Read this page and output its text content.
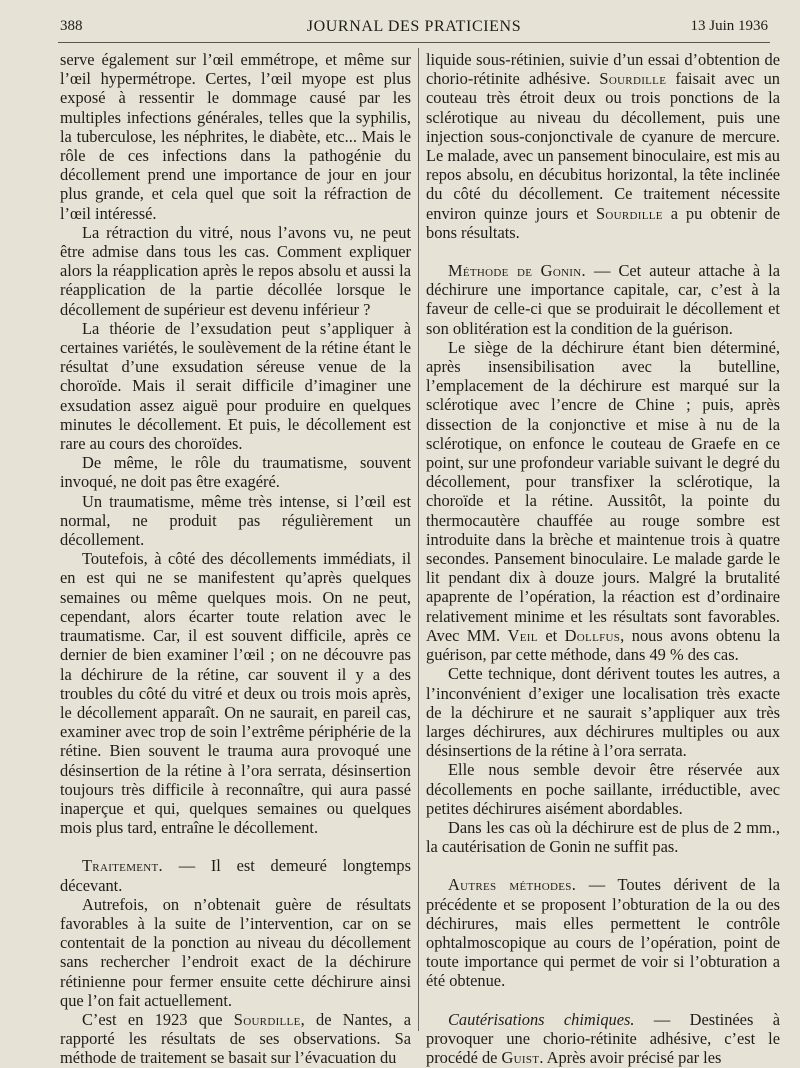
388	JOURNAL DES PRATICIENS	13 Juin 1936

serve également sur l’œil emmétrope, et même sur l’œil hypermétrope. Certes, l’œil myope est plus exposé à ressentir le dommage causé par les multiples infections générales, telles que la syphilis, la tuberculose, les néphrites, le diabète, etc... Mais le rôle de ces infections dans la pathogénie du décollement prend une importance de jour en jour plus grande, et cela quel que soit la réfraction de l’œil intéressé.

La rétraction du vitré, nous l’avons vu, ne peut être admise dans tous les cas. Comment expliquer alors la réapplication après le repos absolu et aussi la réapplication de la partie décollée lorsque le décollement de supérieur est devenu inférieur ?

La théorie de l’exsudation peut s’appliquer à certaines variétés, le soulèvement de la rétine étant le résultat d’une exsudation séreuse venue de la choroïde. Mais il serait difficile d’imaginer une exsudation assez aiguë pour produire en quelques minutes le décollement. Et puis, le décollement est rare au cours des choroïdes.

De même, le rôle du traumatisme, souvent invoqué, ne doit pas être exagéré.

Un traumatisme, même très intense, si l’œil est normal, ne produit pas régulièrement un décollement.

Toutefois, à côté des décollements immédiats, il en est qui ne se manifestent qu’après quelques semaines ou même quelques mois. On ne peut, cependant, alors écarter toute relation avec le traumatisme. Car, il est souvent difficile, après ce dernier de bien examiner l’œil ; on ne découvre pas la déchirure de la rétine, car souvent il y a des troubles du côté du vitré et deux ou trois mois après, le décollement apparaît. On ne saurait, en pareil cas, examiner avec trop de soin l’extrême périphérie de la rétine. Bien souvent le trauma aura provoqué une désinsertion de la rétine à l’ora serrata, désinsertion toujours très difficile à reconnaître, qui aura passé inaperçue et qui, quelques semaines ou quelques mois plus tard, entraîne le décollement.

Traitement. — Il est demeuré longtemps décevant.

Autrefois, on n’obtenait guère de résultats favorables à la suite de l’intervention, car on se contentait de la ponction au niveau du décollement sans rechercher l’endroit exact de la déchirure rétinienne pour fermer ensuite cette déchirure ainsi que l’on fait actuellement.

C’est en 1923 que Sourdille, de Nantes, a rapporté les résultats de ses observations. Sa méthode de traitement se basait sur l’évacuation du

liquide sous-rétinien, suivie d’un essai d’obtention de chorio-rétinite adhésive. Sourdille faisait avec un couteau très étroit deux ou trois ponctions de la sclérotique au niveau du décollement, puis une injection sous-conjonctivale de cyanure de mercure. Le malade, avec un pansement binoculaire, est mis au repos absolu, en décubitus horizontal, la tête inclinée du côté du décollement. Ce traitement nécessite environ quinze jours et Sourdille a pu obtenir de bons résultats.

Méthode de Gonin. — Cet auteur attache à la déchirure une importance capitale, car, c’est à la faveur de celle-ci que se produirait le décollement et son oblitération est la condition de la guérison.

Le siège de la déchirure étant bien déterminé, après insensibilisation avec la butelline, l’emplacement de la déchirure est marqué sur la sclérotique avec l’encre de Chine ; puis, après dissection de la conjonctive et mise à nu de la sclérotique, on enfonce le couteau de Graefe en ce point, sur une profondeur variable suivant le degré du décollement, pour transfixer la sclérotique, la choroïde et la rétine. Aussitôt, la pointe du thermocautère chauffée au rouge sombre est introduite dans la brèche et maintenue trois à quatre secondes. Pansement binoculaire. Le malade garde le lit pendant dix à douze jours. Malgré la brutalité apaprente de l’opération, la réaction est d’ordinaire relativement minime et les résultats sont favorables. Avec MM. Veil et Dollfus, nous avons obtenu la guérison, par cette méthode, dans 49 % des cas.

Cette technique, dont dérivent toutes les autres, a l’inconvénient d’exiger une localisation très exacte de la déchirure et ne saurait s’appliquer aux très larges déchirures, aux déchirures multiples ou aux désinsertions de la rétine à l’ora serrata.

Elle nous semble devoir être réservée aux décollements en poche saillante, irréductible, avec petites déchirures aisément abordables.

Dans les cas où la déchirure est de plus de 2 mm., la cautérisation de Gonin ne suffit pas.

Autres méthodes. — Toutes dérivent de la précédente et se proposent l’obturation de la ou des déchirures, mais elles permettent le contrôle ophtalmoscopique au cours de l’opération, point de toute importance qui permet de voir si l’obturation a été obtenue.

Cautérisations chimiques. — Destinées à provoquer une chorio-rétinite adhésive, c’est le procédé de Guist. Après avoir précisé par les
